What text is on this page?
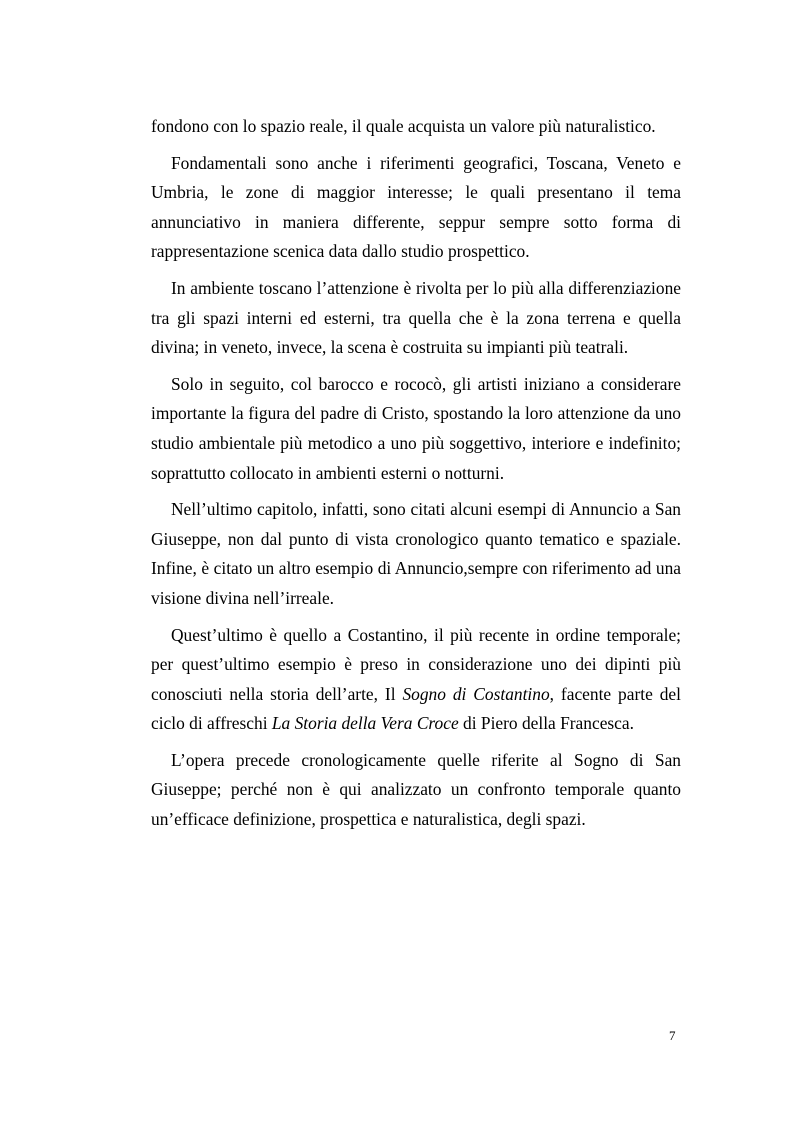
fondono con lo spazio reale, il quale acquista un valore più naturalistico.

Fondamentali sono anche i riferimenti geografici, Toscana, Veneto e Umbria, le zone di maggior interesse; le quali presentano il tema annunciativo in maniera differente, seppur sempre sotto forma di rappresentazione scenica data dallo studio prospettico.

In ambiente toscano l’attenzione è rivolta per lo più alla differenziazione tra gli spazi interni ed esterni, tra quella che è la zona terrena e quella divina; in veneto, invece, la scena è costruita su impianti più teatrali.

Solo in seguito, col barocco e rococò, gli artisti iniziano a considerare importante la figura del padre di Cristo, spostando la loro attenzione da uno studio ambientale più metodico a uno più soggettivo, interiore e indefinito; soprattutto collocato in ambienti esterni o notturni.

Nell’ultimo capitolo, infatti, sono citati alcuni esempi di Annuncio a San Giuseppe, non dal punto di vista cronologico quanto tematico e spaziale. Infine, è citato un altro esempio di Annuncio,sempre con riferimento ad una visione divina nell’irreale.

Quest’ultimo è quello a Costantino, il più recente in ordine temporale; per quest’ultimo esempio è preso in considerazione uno dei dipinti più conosciuti nella storia dell’arte, Il Sogno di Costantino, facente parte del ciclo di affreschi La Storia della Vera Croce di Piero della Francesca.

L’opera precede cronologicamente quelle riferite al Sogno di San Giuseppe; perché non è qui analizzato un confronto temporale quanto un’efficace definizione, prospettica e naturalistica, degli spazi.

7
